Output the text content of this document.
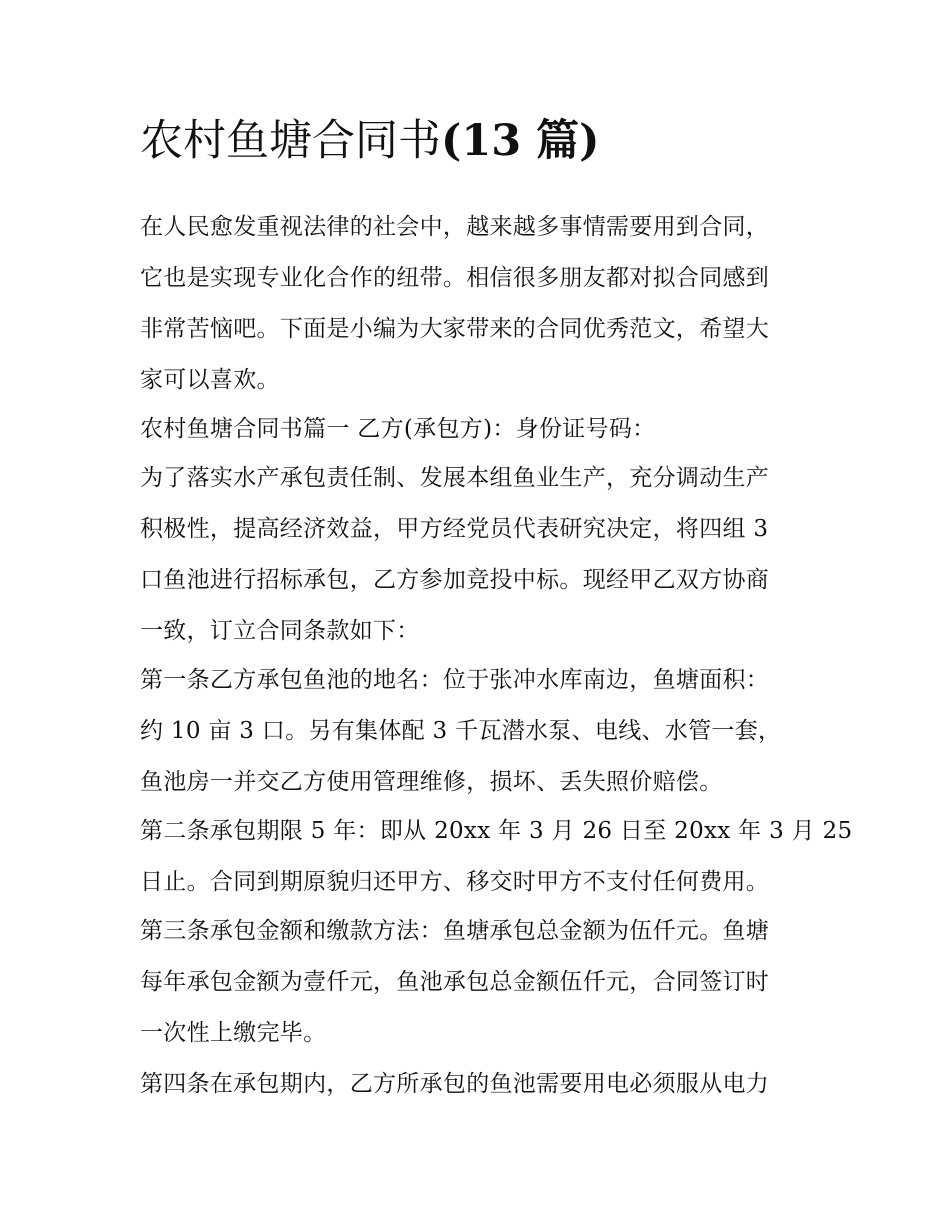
农村鱼塘合同书(13 篇)
在人民愈发重视法律的社会中，越来越多事情需要用到合同，
它也是实现专业化合作的纽带。相信很多朋友都对拟合同感到
非常苦恼吧。下面是小编为大家带来的合同优秀范文，希望大
家可以喜欢。
农村鱼塘合同书篇一 乙方(承包方)：身份证号码：
为了落实水产承包责任制、发展本组鱼业生产，充分调动生产
积极性，提高经济效益，甲方经党员代表研究决定，将四组 3
口鱼池进行招标承包，乙方参加竞投中标。现经甲乙双方协商
一致，订立合同条款如下：
第一条乙方承包鱼池的地名：位于张冲水库南边，鱼塘面积：
约 10 亩 3 口。另有集体配 3 千瓦潜水泵、电线、水管一套，
鱼池房一并交乙方使用管理维修，损坏、丢失照价赔偿。
第二条承包期限 5 年：即从 20xx 年 3 月 26 日至 20xx 年 3 月 25
日止。合同到期原貌归还甲方、移交时甲方不支付任何费用。
第三条承包金额和缴款方法：鱼塘承包总金额为伍仟元。鱼塘
每年承包金额为壹仟元，鱼池承包总金额伍仟元，合同签订时
一次性上缴完毕。
第四条在承包期内，乙方所承包的鱼池需要用电必须服从电力
